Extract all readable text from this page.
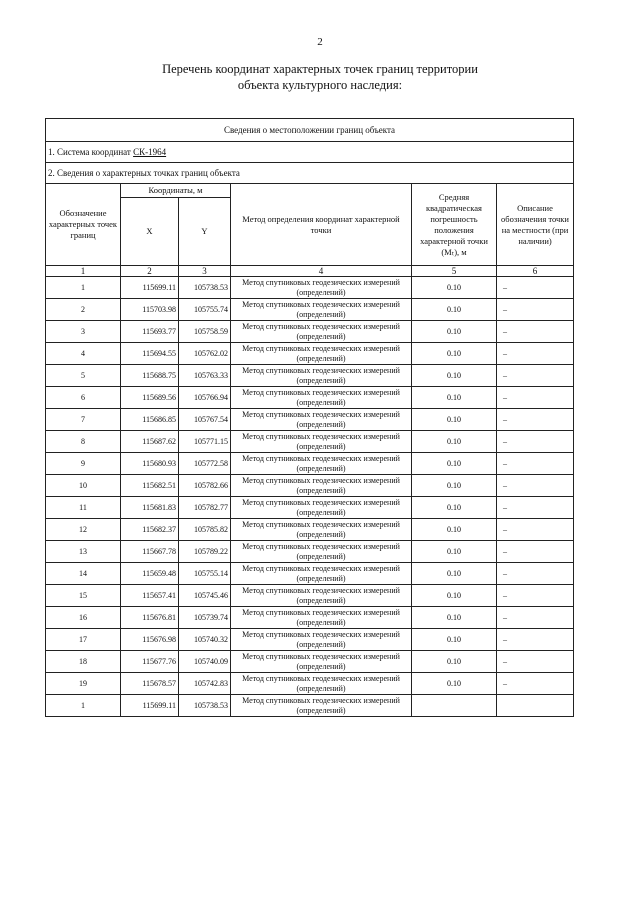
2
Перечень координат характерных точек границ территории
объекта культурного наследия:
Сведения о местоположении границ объекта					
1. Система координат СК-1964					
2. Сведения о характерных точках границ объекта					
Обозначение характерных точек границ	Координаты, м		Метод определения координат характерной точки	Средняя квадратическая погрешность положения характерной точки (Mₜ), м	Описание обозначения точки на местности (при наличии)
	X	Y			
1	2	3	4	5	6
1	115699.11	105738.53	Метод спутниковых геодезических измерений (определений)	0.10	–
2	115703.98	105755.74	Метод спутниковых геодезических измерений (определений)	0.10	–
3	115693.77	105758.59	Метод спутниковых геодезических измерений (определений)	0.10	–
4	115694.55	105762.02	Метод спутниковых геодезических измерений (определений)	0.10	–
5	115688.75	105763.33	Метод спутниковых геодезических измерений (определений)	0.10	–
6	115689.56	105766.94	Метод спутниковых геодезических измерений (определений)	0.10	–
7	115686.85	105767.54	Метод спутниковых геодезических измерений (определений)	0.10	–
8	115687.62	105771.15	Метод спутниковых геодезических измерений (определений)	0.10	–
9	115680.93	105772.58	Метод спутниковых геодезических измерений (определений)	0.10	–
10	115682.51	105782.66	Метод спутниковых геодезических измерений (определений)	0.10	–
11	115681.83	105782.77	Метод спутниковых геодезических измерений (определений)	0.10	–
12	115682.37	105785.82	Метод спутниковых геодезических измерений (определений)	0.10	–
13	115667.78	105789.22	Метод спутниковых геодезических измерений (определений)	0.10	–
14	115659.48	105755.14	Метод спутниковых геодезических измерений (определений)	0.10	–
15	115657.41	105745.46	Метод спутниковых геодезических измерений (определений)	0.10	–
16	115676.81	105739.74	Метод спутниковых геодезических измерений (определений)	0.10	–
17	115676.98	105740.32	Метод спутниковых геодезических измерений (определений)	0.10	–
18	115677.76	105740.09	Метод спутниковых геодезических измерений (определений)	0.10	–
19	115678.57	105742.83	Метод спутниковых геодезических измерений (определений)	0.10	–
1	115699.11	105738.53	Метод спутниковых геодезических измерений (определений)		
